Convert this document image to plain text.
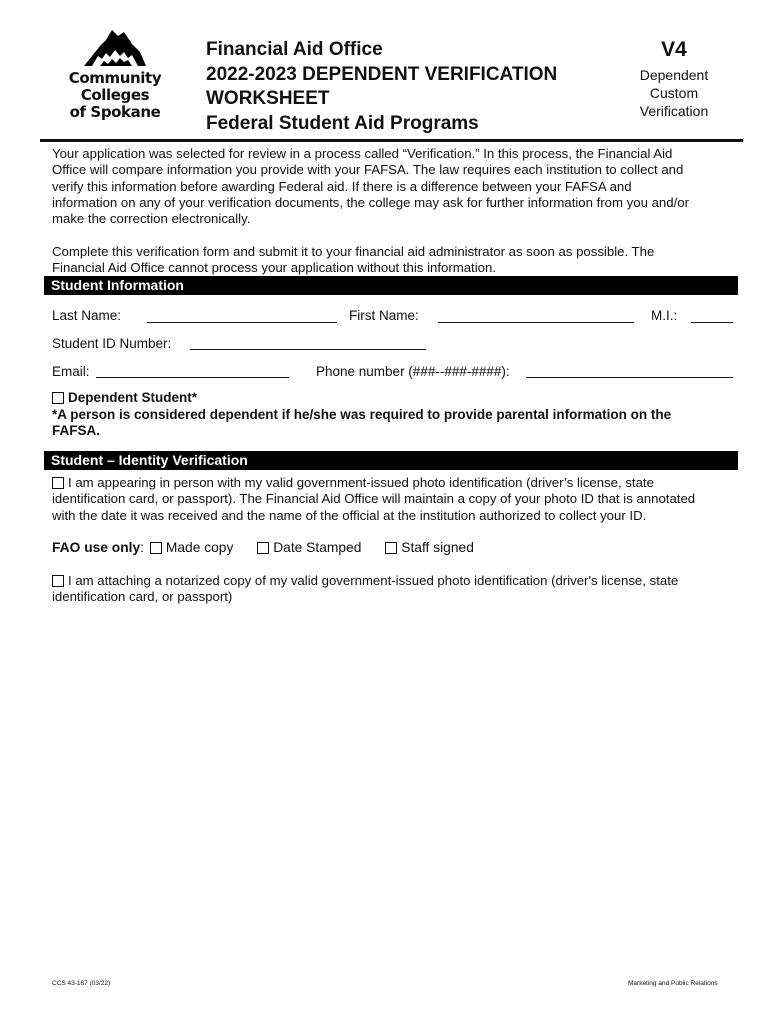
Community Colleges
of Spokane
Financial Aid Office
2022-2023 DEPENDENT VERIFICATION
WORKSHEET
Federal Student Aid Programs
V4
Dependent
Custom
Verification
Your application was selected for review in a process called “Verification.” In this process, the Financial Aid
Office will compare information you provide with your FAFSA. The law requires each institution to collect and
verify this information before awarding Federal aid. If there is a difference between your FAFSA and
information on any of your verification documents, the college may ask for further information from you and/or
make the correction electronically.
Complete this verification form and submit it to your financial aid administrator as soon as possible. The
Financial Aid Office cannot process your application without this information.
Student Information
Last Name:	First Name:	M.I.:
Student ID Number:
Email:	Phone number (###--###-####):
Dependent Student*
*A person is considered dependent if he/she was required to provide parental information on the
FAFSA.
Student – Identity Verification
I am appearing in person with my valid government-issued photo identification (driver’s license, state
identification card, or passport). The Financial Aid Office will maintain a copy of your photo ID that is annotated
with the date it was received and the name of the official at the institution authorized to collect your ID.
FAO use only: Made copy	Date Stamped	Staff signed
I am attaching a notarized copy of my valid government-issued photo identification (driver's license, state
identification card, or passport)
CCS 43-167 (03/22)	Marketing and Public Relations
